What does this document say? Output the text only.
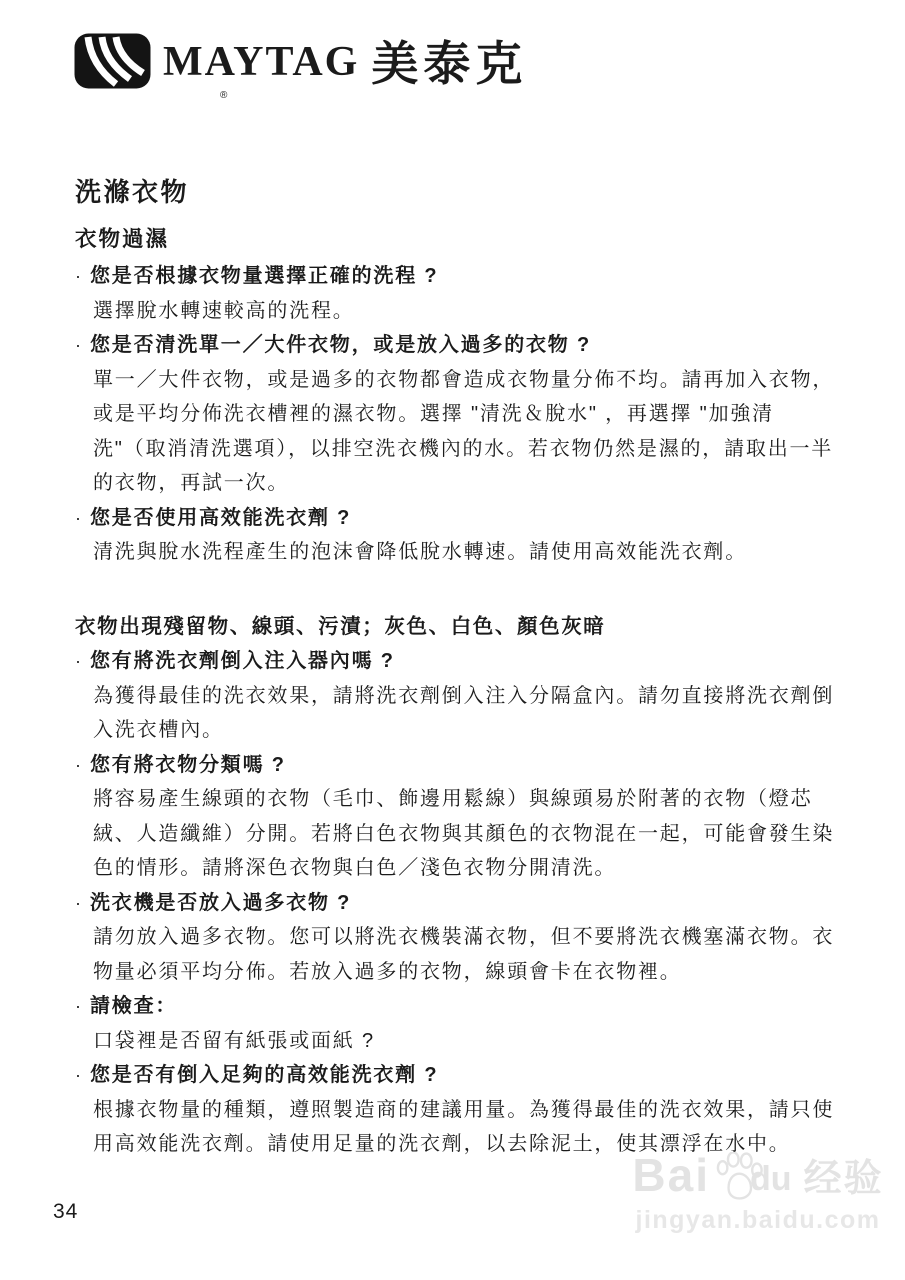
®
MAYTAG 美泰克
洗滌衣物
衣物過濕
· 您是否根據衣物量選擇正確的洗程 ?

選擇脫水轉速較高的洗程。

· 您是否清洗單一／大件衣物，或是放入過多的衣物 ?

單一／大件衣物，或是過多的衣物都會造成衣物量分佈不均。請再加入衣物，或是平均分佈洗衣槽裡的濕衣物。選擇 "清洗＆脫水" ，再選擇 "加強清洗"（取消清洗選項），以排空洗衣機內的水。若衣物仍然是濕的，請取出一半的衣物，再試一次。

· 您是否使用高效能洗衣劑 ?

清洗與脫水洗程產生的泡沫會降低脫水轉速。請使用高效能洗衣劑。

衣物出現殘留物、線頭、污漬；灰色、白色、顏色灰暗
· 您有將洗衣劑倒入注入器內嗎 ?

為獲得最佳的洗衣效果，請將洗衣劑倒入注入分隔盒內。請勿直接將洗衣劑倒入洗衣槽內。

· 您有將衣物分類嗎 ?

將容易產生線頭的衣物（毛巾、飾邊用鬆線）與線頭易於附著的衣物（燈芯絨、人造纖維）分開。若將白色衣物與其顏色的衣物混在一起，可能會發生染色的情形。請將深色衣物與白色／淺色衣物分開清洗。

· 洗衣機是否放入過多衣物 ?

請勿放入過多衣物。您可以將洗衣機裝滿衣物，但不要將洗衣機塞滿衣物。衣物量必須平均分佈。若放入過多的衣物，線頭會卡在衣物裡。

· 請檢查：

口袋裡是否留有紙張或面紙 ?

· 您是否有倒入足夠的高效能洗衣劑 ?

根據衣物量的種類，遵照製造商的建議用量。為獲得最佳的洗衣效果，請只使用高效能洗衣劑。請使用足量的洗衣劑，以去除泥土，使其漂浮在水中。

34
Bai du 经验
jingyan.baidu.com
